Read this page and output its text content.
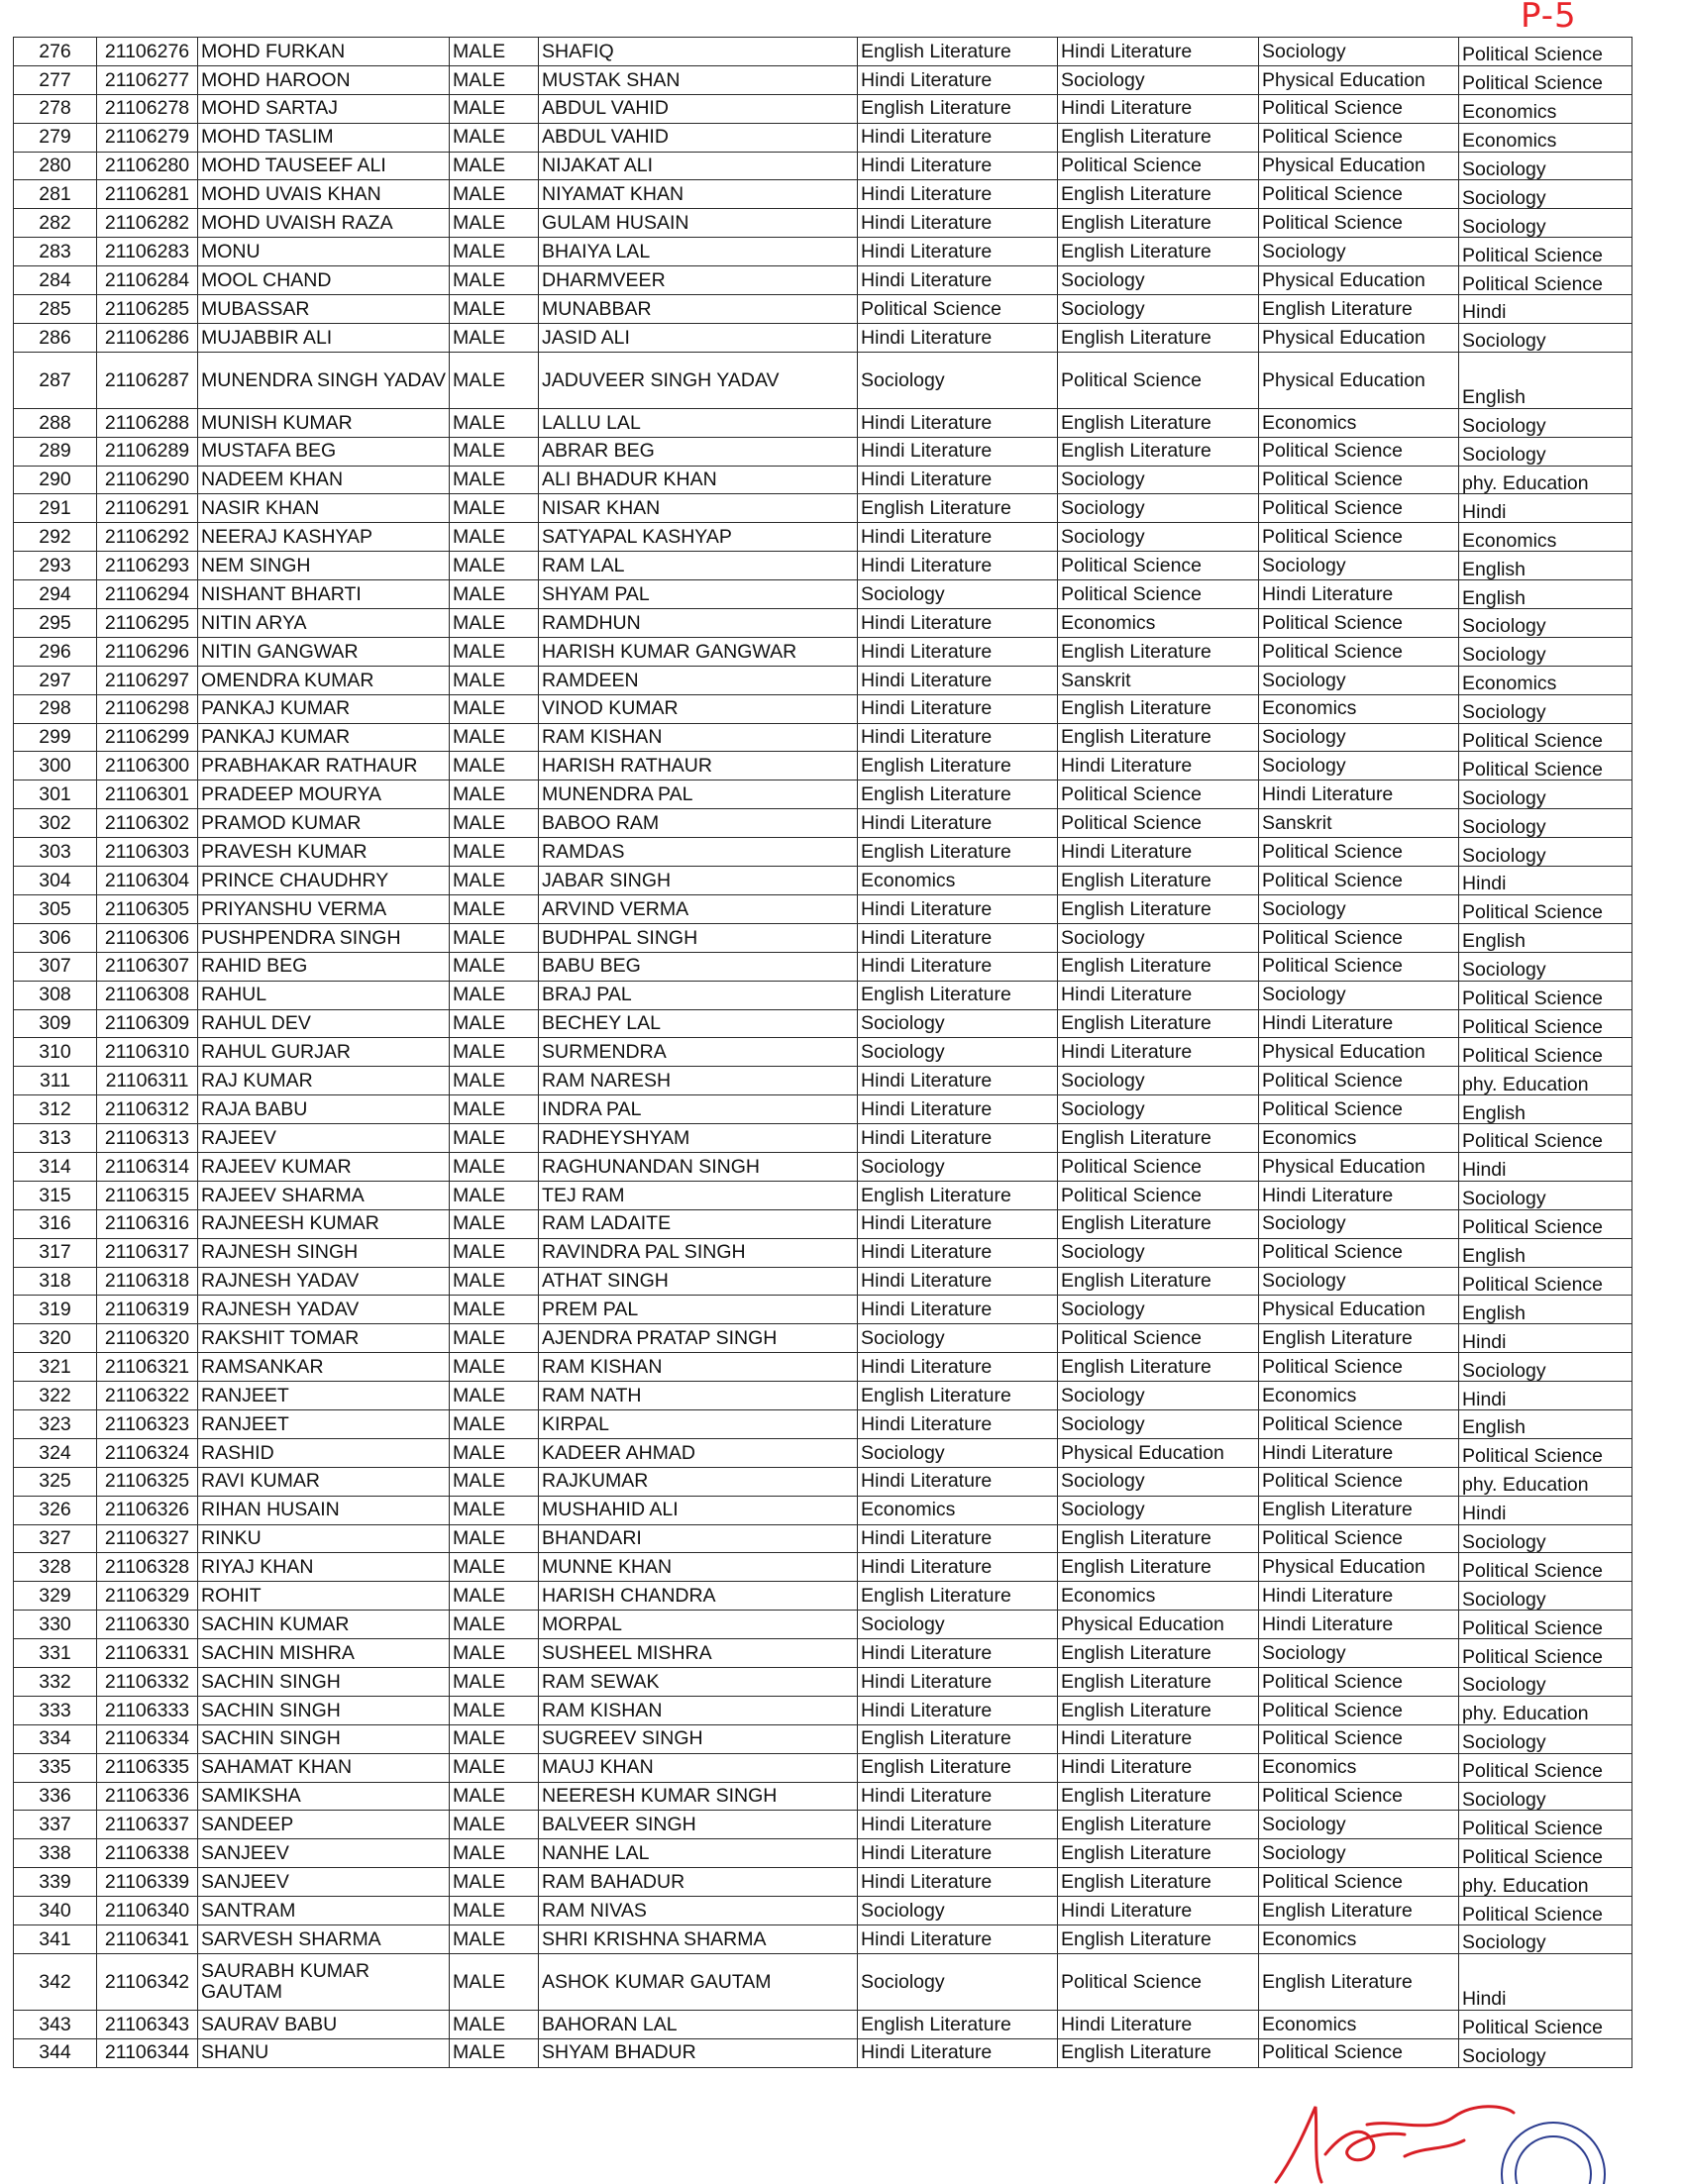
P-5
276	21106276	MOHD FURKAN	MALE	SHAFIQ	English Literature	Hindi Literature	Sociology	Political Science
277	21106277	MOHD HAROON	MALE	MUSTAK SHAN	Hindi Literature	Sociology	Physical Education	Political Science
278	21106278	MOHD SARTAJ	MALE	ABDUL VAHID	English Literature	Hindi Literature	Political Science	Economics
279	21106279	MOHD TASLIM	MALE	ABDUL VAHID	Hindi Literature	English Literature	Political Science	Economics
280	21106280	MOHD TAUSEEF ALI	MALE	NIJAKAT ALI	Hindi Literature	Political Science	Physical Education	Sociology
281	21106281	MOHD UVAIS KHAN	MALE	NIYAMAT KHAN	Hindi Literature	English Literature	Political Science	Sociology
282	21106282	MOHD UVAISH RAZA	MALE	GULAM HUSAIN	Hindi Literature	English Literature	Political Science	Sociology
283	21106283	MONU	MALE	BHAIYA LAL	Hindi Literature	English Literature	Sociology	Political Science
284	21106284	MOOL CHAND	MALE	DHARMVEER	Hindi Literature	Sociology	Physical Education	Political Science
285	21106285	MUBASSAR	MALE	MUNABBAR	Political Science	Sociology	English Literature	Hindi
286	21106286	MUJABBIR ALI	MALE	JASID ALI	Hindi Literature	English Literature	Physical Education	Sociology
287	21106287	MUNENDRA SINGH YADAV	MALE	JADUVEER SINGH YADAV	Sociology	Political Science	Physical Education	English
288	21106288	MUNISH KUMAR	MALE	LALLU LAL	Hindi Literature	English Literature	Economics	Sociology
289	21106289	MUSTAFA BEG	MALE	ABRAR BEG	Hindi Literature	English Literature	Political Science	Sociology
290	21106290	NADEEM KHAN	MALE	ALI BHADUR KHAN	Hindi Literature	Sociology	Political Science	phy. Education
291	21106291	NASIR KHAN	MALE	NISAR KHAN	English Literature	Sociology	Political Science	Hindi
292	21106292	NEERAJ KASHYAP	MALE	SATYAPAL KASHYAP	Hindi Literature	Sociology	Political Science	Economics
293	21106293	NEM SINGH	MALE	RAM LAL	Hindi Literature	Political Science	Sociology	English
294	21106294	NISHANT BHARTI	MALE	SHYAM PAL	Sociology	Political Science	Hindi Literature	English
295	21106295	NITIN ARYA	MALE	RAMDHUN	Hindi Literature	Economics	Political Science	Sociology
296	21106296	NITIN GANGWAR	MALE	HARISH KUMAR GANGWAR	Hindi Literature	English Literature	Political Science	Sociology
297	21106297	OMENDRA KUMAR	MALE	RAMDEEN	Hindi Literature	Sanskrit	Sociology	Economics
298	21106298	PANKAJ KUMAR	MALE	VINOD KUMAR	Hindi Literature	English Literature	Economics	Sociology
299	21106299	PANKAJ KUMAR	MALE	RAM KISHAN	Hindi Literature	English Literature	Sociology	Political Science
300	21106300	PRABHAKAR RATHAUR	MALE	HARISH RATHAUR	English Literature	Hindi Literature	Sociology	Political Science
301	21106301	PRADEEP MOURYA	MALE	MUNENDRA PAL	English Literature	Political Science	Hindi Literature	Sociology
302	21106302	PRAMOD KUMAR	MALE	BABOO RAM	Hindi Literature	Political Science	Sanskrit	Sociology
303	21106303	PRAVESH KUMAR	MALE	RAMDAS	English Literature	Hindi Literature	Political Science	Sociology
304	21106304	PRINCE CHAUDHRY	MALE	JABAR SINGH	Economics	English Literature	Political Science	Hindi
305	21106305	PRIYANSHU VERMA	MALE	ARVIND VERMA	Hindi Literature	English Literature	Sociology	Political Science
306	21106306	PUSHPENDRA SINGH	MALE	BUDHPAL SINGH	Hindi Literature	Sociology	Political Science	English
307	21106307	RAHID BEG	MALE	BABU BEG	Hindi Literature	English Literature	Political Science	Sociology
308	21106308	RAHUL	MALE	BRAJ PAL	English Literature	Hindi Literature	Sociology	Political Science
309	21106309	RAHUL DEV	MALE	BECHEY LAL	Sociology	English Literature	Hindi Literature	Political Science
310	21106310	RAHUL GURJAR	MALE	SURMENDRA	Sociology	Hindi Literature	Physical Education	Political Science
311	21106311	RAJ KUMAR	MALE	RAM NARESH	Hindi Literature	Sociology	Political Science	phy. Education
312	21106312	RAJA BABU	MALE	INDRA PAL	Hindi Literature	Sociology	Political Science	English
313	21106313	RAJEEV	MALE	RADHEYSHYAM	Hindi Literature	English Literature	Economics	Political Science
314	21106314	RAJEEV KUMAR	MALE	RAGHUNANDAN SINGH	Sociology	Political Science	Physical Education	Hindi
315	21106315	RAJEEV SHARMA	MALE	TEJ RAM	English Literature	Political Science	Hindi Literature	Sociology
316	21106316	RAJNEESH KUMAR	MALE	RAM LADAITE	Hindi Literature	English Literature	Sociology	Political Science
317	21106317	RAJNESH SINGH	MALE	RAVINDRA PAL SINGH	Hindi Literature	Sociology	Political Science	English
318	21106318	RAJNESH YADAV	MALE	ATHAT SINGH	Hindi Literature	English Literature	Sociology	Political Science
319	21106319	RAJNESH YADAV	MALE	PREM PAL	Hindi Literature	Sociology	Physical Education	English
320	21106320	RAKSHIT TOMAR	MALE	AJENDRA PRATAP SINGH	Sociology	Political Science	English Literature	Hindi
321	21106321	RAMSANKAR	MALE	RAM KISHAN	Hindi Literature	English Literature	Political Science	Sociology
322	21106322	RANJEET	MALE	RAM NATH	English Literature	Sociology	Economics	Hindi
323	21106323	RANJEET	MALE	KIRPAL	Hindi Literature	Sociology	Political Science	English
324	21106324	RASHID	MALE	KADEER AHMAD	Sociology	Physical Education	Hindi Literature	Political Science
325	21106325	RAVI KUMAR	MALE	RAJKUMAR	Hindi Literature	Sociology	Political Science	phy. Education
326	21106326	RIHAN HUSAIN	MALE	MUSHAHID ALI	Economics	Sociology	English Literature	Hindi
327	21106327	RINKU	MALE	BHANDARI	Hindi Literature	English Literature	Political Science	Sociology
328	21106328	RIYAJ KHAN	MALE	MUNNE KHAN	Hindi Literature	English Literature	Physical Education	Political Science
329	21106329	ROHIT	MALE	HARISH CHANDRA	English Literature	Economics	Hindi Literature	Sociology
330	21106330	SACHIN KUMAR	MALE	MORPAL	Sociology	Physical Education	Hindi Literature	Political Science
331	21106331	SACHIN MISHRA	MALE	SUSHEEL MISHRA	Hindi Literature	English Literature	Sociology	Political Science
332	21106332	SACHIN SINGH	MALE	RAM SEWAK	Hindi Literature	English Literature	Political Science	Sociology
333	21106333	SACHIN SINGH	MALE	RAM KISHAN	Hindi Literature	English Literature	Political Science	phy. Education
334	21106334	SACHIN SINGH	MALE	SUGREEV SINGH	English Literature	Hindi Literature	Political Science	Sociology
335	21106335	SAHAMAT KHAN	MALE	MAUJ KHAN	English Literature	Hindi Literature	Economics	Political Science
336	21106336	SAMIKSHA	MALE	NEERESH KUMAR SINGH	Hindi Literature	English Literature	Political Science	Sociology
337	21106337	SANDEEP	MALE	BALVEER SINGH	Hindi Literature	English Literature	Sociology	Political Science
338	21106338	SANJEEV	MALE	NANHE LAL	Hindi Literature	English Literature	Sociology	Political Science
339	21106339	SANJEEV	MALE	RAM BAHADUR	Hindi Literature	English Literature	Political Science	phy. Education
340	21106340	SANTRAM	MALE	RAM NIVAS	Sociology	Hindi Literature	English Literature	Political Science
341	21106341	SARVESH SHARMA	MALE	SHRI KRISHNA SHARMA	Hindi Literature	English Literature	Economics	Sociology
342	21106342	SAURABH KUMAR GAUTAM	MALE	ASHOK KUMAR GAUTAM	Sociology	Political Science	English Literature	Hindi
343	21106343	SAURAV BABU	MALE	BAHORAN LAL	English Literature	Hindi Literature	Economics	Political Science
344	21106344	SHANU	MALE	SHYAM BHADUR	Hindi Literature	English Literature	Political Science	Sociology
